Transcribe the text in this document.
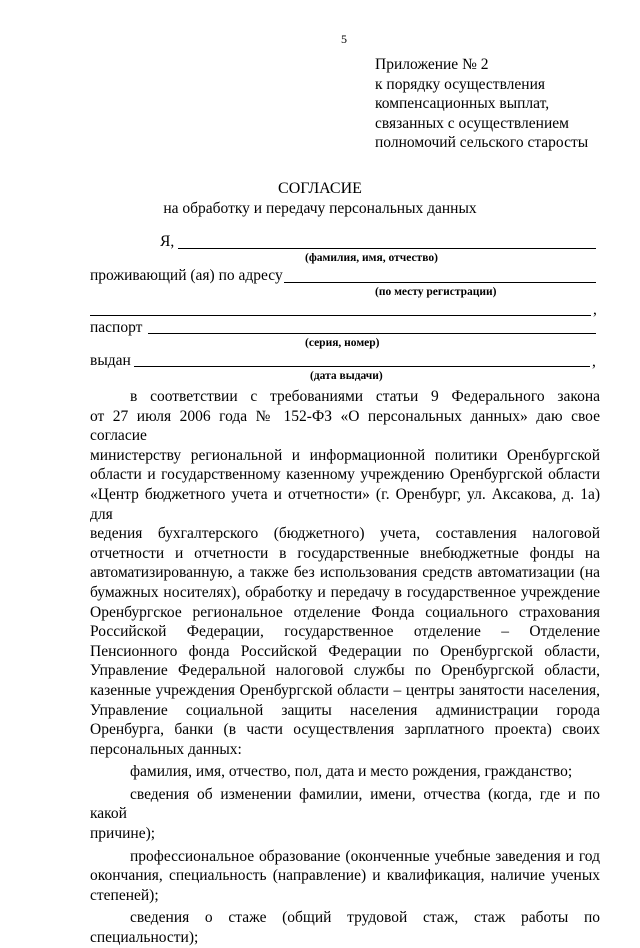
5
Приложение № 2
к порядку осуществления
компенсационных выплат,
связанных с осуществлением
полномочий сельского старосты
СОГЛАСИЕ
на обработку и передачу персональных данных
Я,
(фамилия, имя, отчество)
проживающий (ая) по адресу
(по месту регистрации)
,
паспорт
(серия, номер)
выдан	,
(дата выдачи)
в соответствии с требованиями статьи 9 Федерального закона
от 27 июля 2006 года № 152-ФЗ «О персональных данных» даю свое согласие
министерству региональной и информационной политики Оренбургской
области и государственному казенному учреждению Оренбургской области
«Центр бюджетного учета и отчетности» (г. Оренбург, ул. Аксакова, д. 1а) для
ведения бухгалтерского (бюджетного) учета, составления налоговой
отчетности и отчетности в государственные внебюджетные фонды на
автоматизированную, а также без использования средств автоматизации (на
бумажных носителях), обработку и передачу в государственное учреждение
Оренбургское региональное отделение Фонда социального страхования
Российской Федерации, государственное отделение – Отделение
Пенсионного фонда Российской Федерации по Оренбургской области,
Управление Федеральной налоговой службы по Оренбургской области,
казенные учреждения Оренбургской области – центры занятости населения,
Управление социальной защиты населения администрации города
Оренбурга, банки (в части осуществления зарплатного проекта) своих
персональных данных:
фамилия, имя, отчество, пол, дата и место рождения, гражданство;
сведения об изменении фамилии, имени, отчества (когда, где и по какой
причине);
профессиональное образование (оконченные учебные заведения и год
окончания, специальность (направление) и квалификация, наличие ученых
степеней);
сведения о стаже (общий трудовой стаж, стаж работы по
специальности);
